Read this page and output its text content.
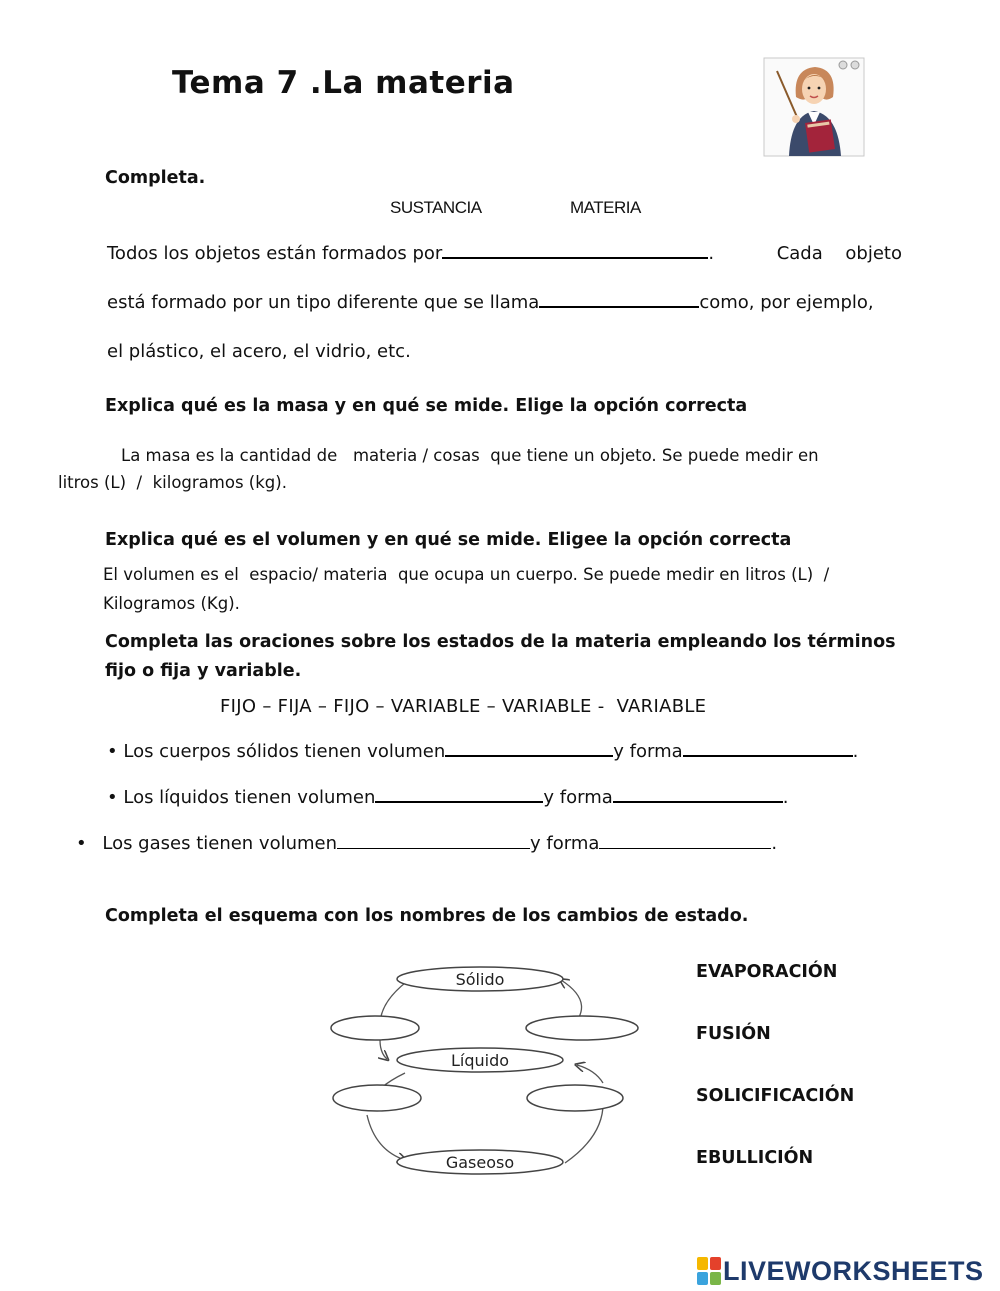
Tema 7 .La materia
Completa.
SUSTANCIA	MATERIA
Todos los objetos están formados por	.	Cada objeto
está formado por un tipo diferente que se llama	como, por ejemplo,
el plástico, el acero, el vidrio, etc.
Explica qué es la masa y en qué se mide. Elige la opción correcta
La masa es la cantidad de   materia / cosas  que tiene un objeto. Se puede medir en
litros (L)  /  kilogramos (kg).
Explica qué es el volumen y en qué se mide. Eligee la opción correcta
El volumen es el  espacio/ materia  que ocupa un cuerpo. Se puede medir en litros (L)  /
Kilogramos (Kg).
Completa las oraciones sobre los estados de la materia empleando los términos
fijo o fija y variable.
FIJO – FIJA – FIJO – VARIABLE – VARIABLE -  VARIABLE
• Los cuerpos sólidos tienen volumen	y forma	.
• Los líquidos tienen volumen	y forma	.
• Los gases tienen volumen	y forma	.
Completa el esquema con los nombres de los cambios de estado.
Sólido
Líquido
Gaseoso
EVAPORACIÓN
FUSIÓN
SOLICIFICACIÓN
EBULLICIÓN
LIVEWORKSHEETS
